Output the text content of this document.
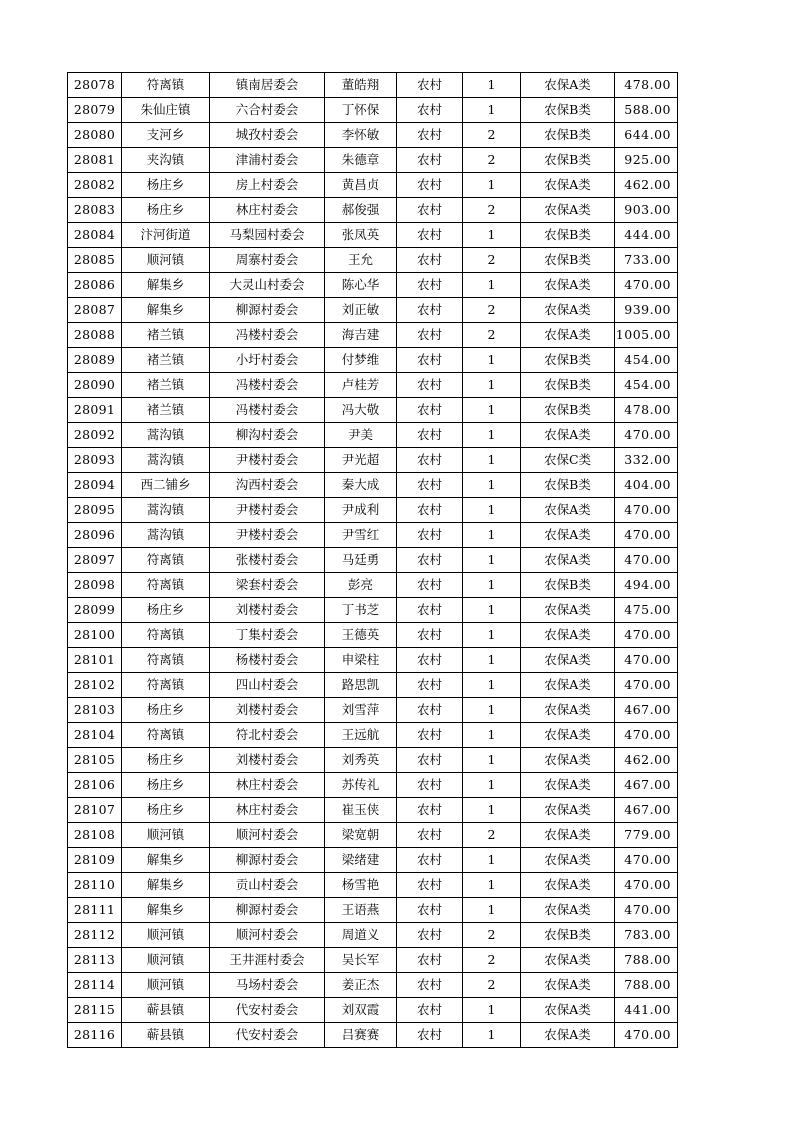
28078	符离镇	镇南居委会	董皓翔	农村	1	农保A类	478.00
28079	朱仙庄镇	六合村委会	丁怀保	农村	1	农保B类	588.00
28080	支河乡	城孜村委会	李怀敏	农村	2	农保B类	644.00
28081	夹沟镇	津浦村委会	朱德章	农村	2	农保B类	925.00
28082	杨庄乡	房上村委会	黄昌贞	农村	1	农保A类	462.00
28083	杨庄乡	林庄村委会	郝俊强	农村	2	农保A类	903.00
28084	汴河街道	马梨园村委会	张凤英	农村	1	农保B类	444.00
28085	顺河镇	周寨村委会	王允	农村	2	农保B类	733.00
28086	解集乡	大灵山村委会	陈心华	农村	1	农保A类	470.00
28087	解集乡	柳源村委会	刘正敏	农村	2	农保A类	939.00
28088	褚兰镇	冯楼村委会	海吉建	农村	2	农保A类	1005.00
28089	褚兰镇	小圩村委会	付梦维	农村	1	农保B类	454.00
28090	褚兰镇	冯楼村委会	卢桂芳	农村	1	农保B类	454.00
28091	褚兰镇	冯楼村委会	冯大敬	农村	1	农保B类	478.00
28092	蒿沟镇	柳沟村委会	尹美	农村	1	农保A类	470.00
28093	蒿沟镇	尹楼村委会	尹光超	农村	1	农保C类	332.00
28094	西二铺乡	沟西村委会	秦大成	农村	1	农保B类	404.00
28095	蒿沟镇	尹楼村委会	尹成利	农村	1	农保A类	470.00
28096	蒿沟镇	尹楼村委会	尹雪红	农村	1	农保A类	470.00
28097	符离镇	张楼村委会	马廷勇	农村	1	农保A类	470.00
28098	符离镇	梁套村委会	彭亮	农村	1	农保B类	494.00
28099	杨庄乡	刘楼村委会	丁书芝	农村	1	农保A类	475.00
28100	符离镇	丁集村委会	王德英	农村	1	农保A类	470.00
28101	符离镇	杨楼村委会	申梁柱	农村	1	农保A类	470.00
28102	符离镇	四山村委会	路思凯	农村	1	农保A类	470.00
28103	杨庄乡	刘楼村委会	刘雪萍	农村	1	农保A类	467.00
28104	符离镇	符北村委会	王远航	农村	1	农保A类	470.00
28105	杨庄乡	刘楼村委会	刘秀英	农村	1	农保A类	462.00
28106	杨庄乡	林庄村委会	苏传礼	农村	1	农保A类	467.00
28107	杨庄乡	林庄村委会	崔玉侠	农村	1	农保A类	467.00
28108	顺河镇	顺河村委会	梁宽朝	农村	2	农保A类	779.00
28109	解集乡	柳源村委会	梁绪建	农村	1	农保A类	470.00
28110	解集乡	贡山村委会	杨雪艳	农村	1	农保A类	470.00
28111	解集乡	柳源村委会	王语燕	农村	1	农保A类	470.00
28112	顺河镇	顺河村委会	周道义	农村	2	农保B类	783.00
28113	顺河镇	王井涯村委会	吴长军	农村	2	农保A类	788.00
28114	顺河镇	马场村委会	姜正杰	农村	2	农保A类	788.00
28115	蕲县镇	代安村委会	刘双霞	农村	1	农保A类	441.00
28116	蕲县镇	代安村委会	吕赛赛	农村	1	农保A类	470.00
